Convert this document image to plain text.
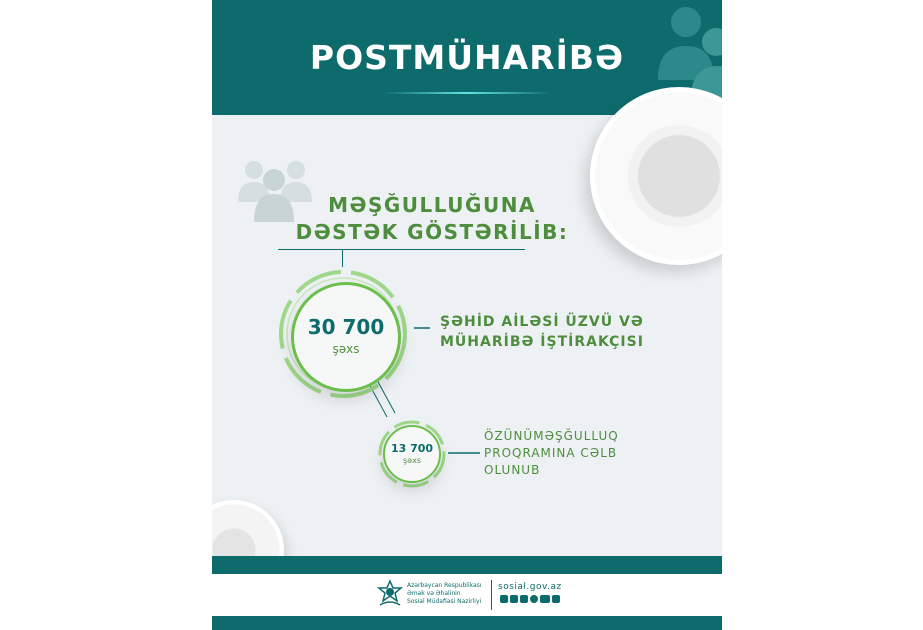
POSTMÜHARİBƏ
MƏŞĞULLUĞUNA
DƏSTƏK GÖSTƏRİLİB:
30 700
şəxs
13 700
şəxs
ŞƏHİD AİLƏSİ ÜZVÜ VƏ
MÜHARİBƏ İŞTİRAKÇISI
ÖZÜNÜMƏŞĞULLUQ
PROQRAMINA CƏLB
OLUNUB
Azərbaycan Respublikası
Əmək və Əhalinin
Sosial Müdafiəsi Nazirliyi
sosial.gov.az
